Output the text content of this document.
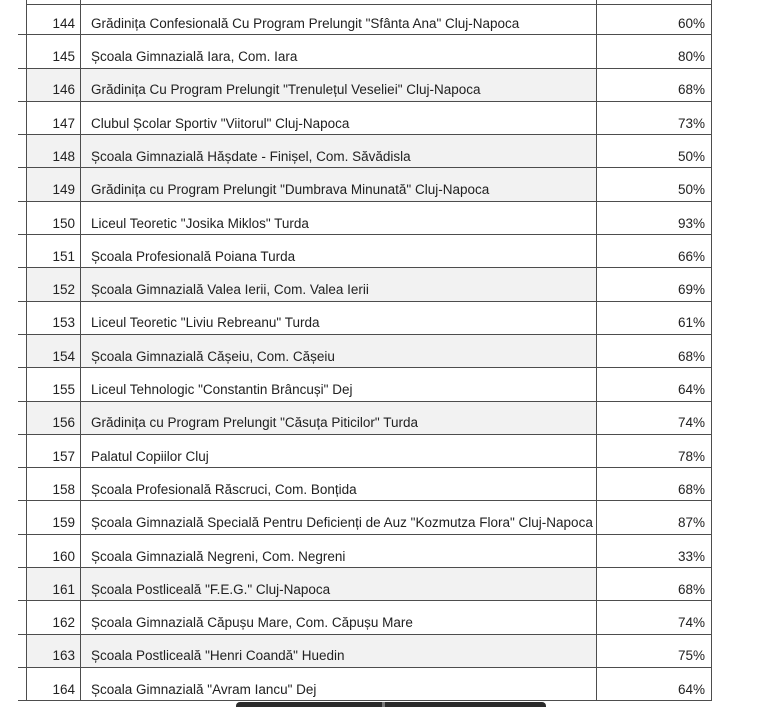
144	Grădinița Confesională Cu Program Prelungit "Sfânta Ana" Cluj-Napoca	60%
145	Școala Gimnazială Iara, Com. Iara	80%
146	Grădinița Cu Program Prelungit "Trenulețul Veseliei" Cluj-Napoca	68%
147	Clubul Școlar Sportiv "Viitorul" Cluj-Napoca	73%
148	Școala Gimnazială Hășdate - Finișel, Com. Săvădisla	50%
149	Grădinița cu Program Prelungit "Dumbrava Minunată" Cluj-Napoca	50%
150	Liceul Teoretic "Josika Miklos" Turda	93%
151	Școala Profesională Poiana Turda	66%
152	Școala Gimnazială Valea Ierii, Com. Valea Ierii	69%
153	Liceul Teoretic "Liviu Rebreanu" Turda	61%
154	Școala Gimnazială Cășeiu, Com. Cășeiu	68%
155	Liceul Tehnologic "Constantin Brâncuși" Dej	64%
156	Grădinița cu Program Prelungit "Căsuța Piticilor" Turda	74%
157	Palatul Copiilor Cluj	78%
158	Școala Profesională Răscruci, Com. Bonțida	68%
159	Școala Gimnazială Specială Pentru Deficienți de Auz "Kozmutza Flora" Cluj-Napoca	87%
160	Școala Gimnazială Negreni, Com. Negreni	33%
161	Școala Postliceală "F.E.G." Cluj-Napoca	68%
162	Școala Gimnazială Căpușu Mare, Com. Căpușu Mare	74%
163	Școala Postliceală "Henri Coandă" Huedin	75%
164	Școala Gimnazială "Avram Iancu" Dej	64%
